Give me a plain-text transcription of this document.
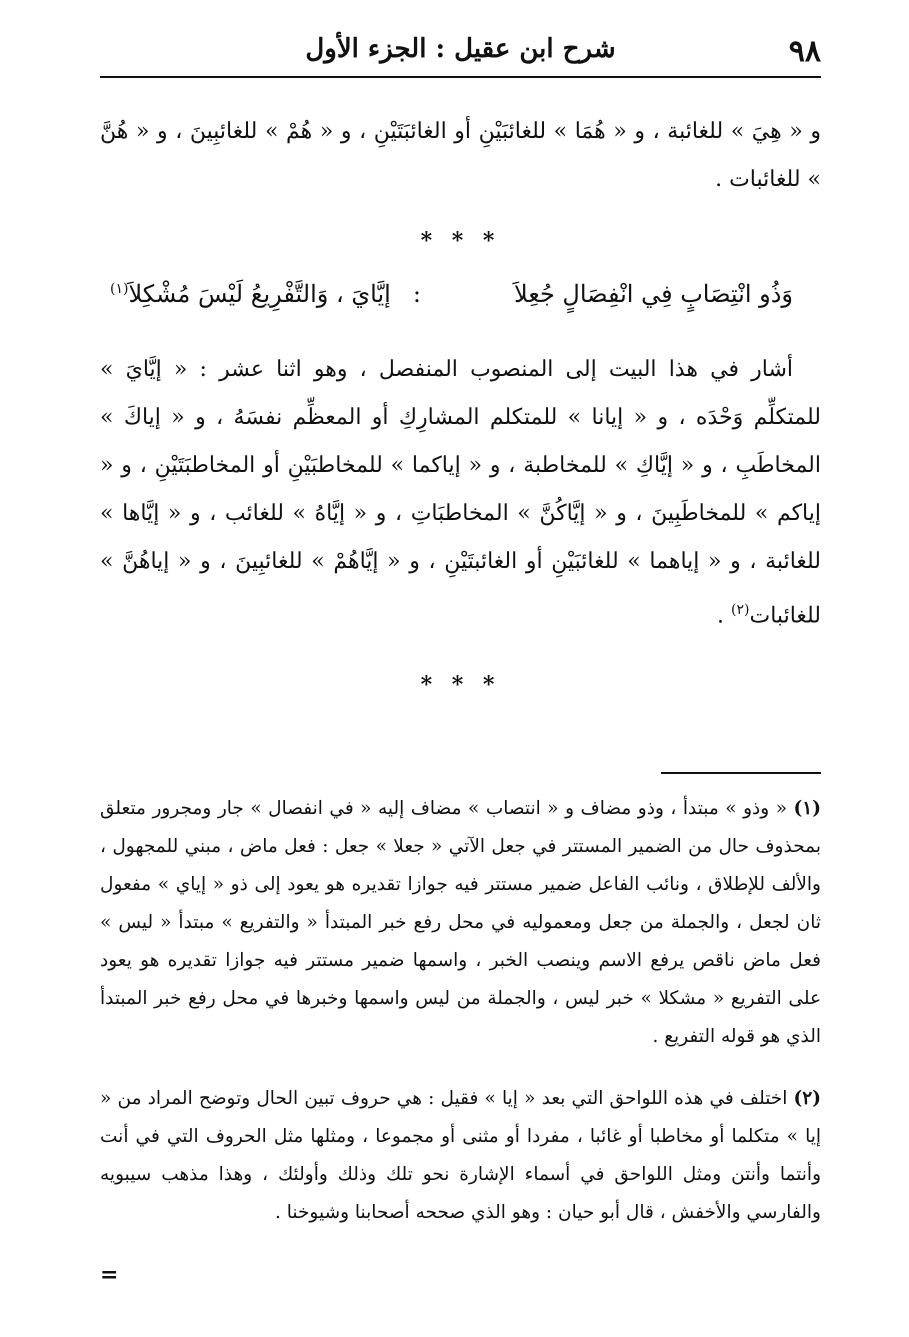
٩٨
شرح ابن عقيل : الجزء الأول

و « هِيَ » للغائبة ، و « هُمَا » للغائبَيْنِ أو الغائبَتَيْنِ ، و « هُمْ » للغائبِينَ ، و « هُنَّ » للغائبات .

* * *
وَذُو انْتِصَابٍ فِي انْفِصَالٍ جُعِلاَ
:
إيَّايَ ، وَالتَّفْرِيعُ لَيْسَ مُشْكِلاَ$^{(١)}$

أشار في هذا البيت إلى المنصوب المنفصل ، وهو اثنا عشر : « إيَّايَ » للمتكلِّم وَحْدَه ، و « إيانا » للمتكلم المشارِكِ أو المعظِّم نفسَهُ ، و « إياكَ » المخاطَبِ ، و « إيَّاكِ » للمخاطبة ، و « إياكما » للمخاطبَيْنِ أو المخاطبَتَيْنِ ، و « إياكم » للمخاطَبِينَ ، و « إيَّاكُنَّ » المخاطبَاتِ ، و « إيَّاهُ » للغائب ، و « إيَّاها » للغائبة ، و « إياهما » للغائبَيْنِ أو الغائبتَيْنِ ، و « إيَّاهُمْ » للغائبِينَ ، و « إياهُنَّ » للغائبات$^{(٢)}$ .

* * *

(١) « وذو » مبتدأ ، وذو مضاف و « انتصاب » مضاف إليه « في انفصال » جار ومجرور متعلق بمحذوف حال من الضمير المستتر في جعل الآتي « جعلا » جعل : فعل ماض ، مبني للمجهول ، والألف للإطلاق ، ونائب الفاعل ضمير مستتر فيه جوازا تقديره هو يعود إلى ذو « إياي » مفعول ثان لجعل ، والجملة من جعل ومعموليه في محل رفع خبر المبتدأ « والتفريع » مبتدأ « ليس » فعل ماض ناقص يرفع الاسم وينصب الخبر ، واسمها ضمير مستتر فيه جوازا تقديره هو يعود على التفريع « مشكلا » خبر ليس ، والجملة من ليس واسمها وخبرها في محل رفع خبر المبتدأ الذي هو قوله التفريع .

(٢) اختلف في هذه اللواحق التي بعد « إيا » فقيل : هي حروف تبين الحال وتوضح المراد من « إيا » متكلما أو مخاطبا أو غائبا ، مفردا أو مثنى أو مجموعا ، ومثلها مثل الحروف التي في أنت وأنتما وأنتن ومثل اللواحق في أسماء الإشارة نحو تلك وذلك وأولئك ، وهذا مذهب سيبويه والفارسي والأخفش ، قال أبو حيان : وهو الذي صححه أصحابنا وشيوخنا .

=
